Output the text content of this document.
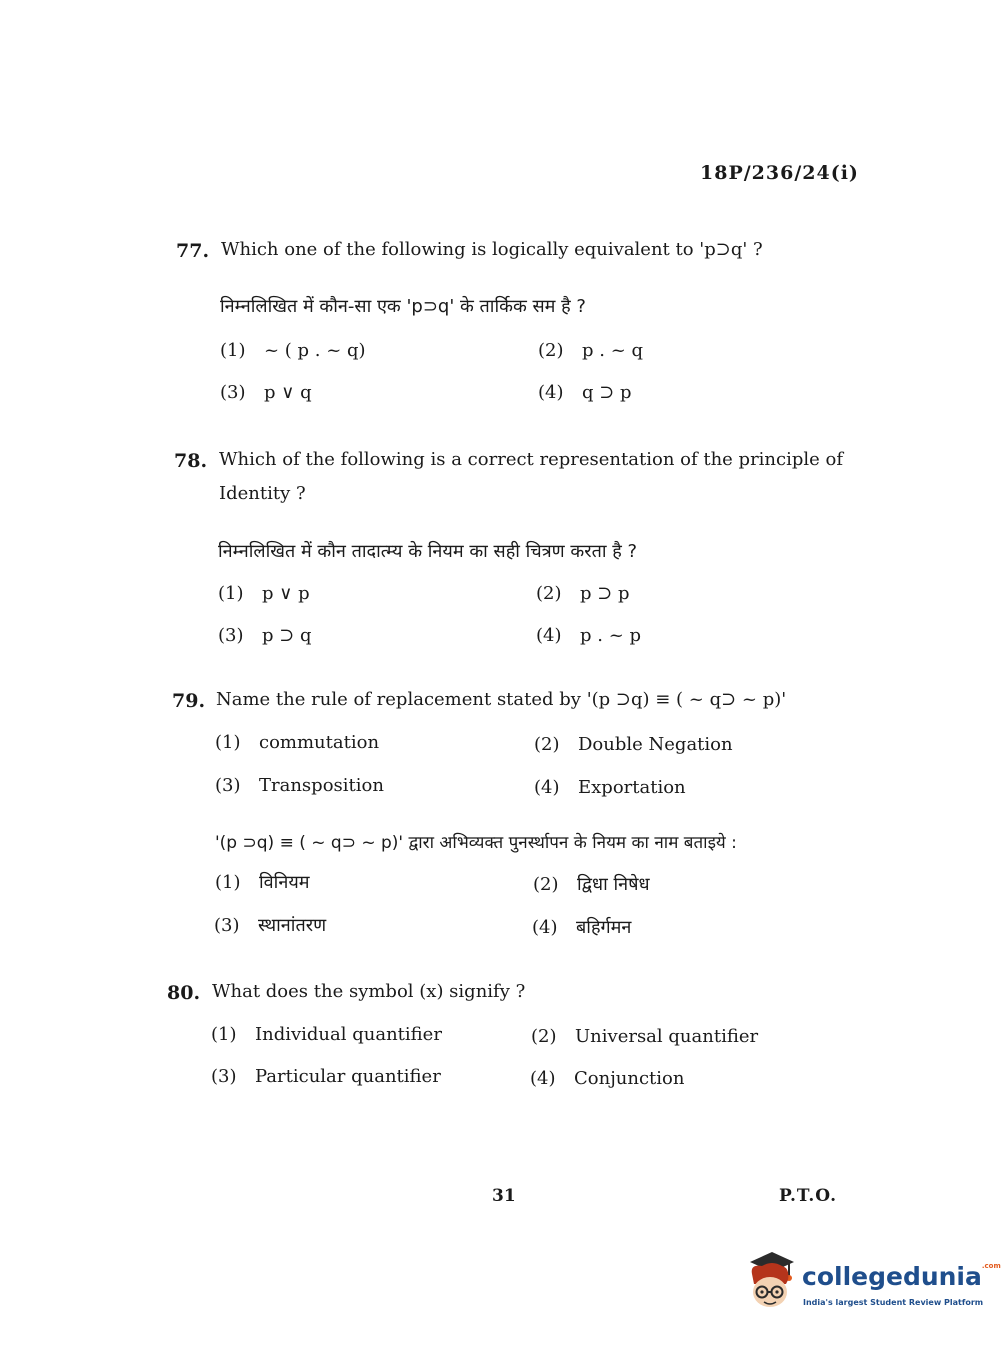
18P/236/24(i)
77. Which one of the following is logically equivalent to 'p⊃q' ?
निम्नलिखित में कौन-सा एक 'p⊃q' के तार्किक सम है ?
(1) ~ ( p . ~ q)	(2) p . ~ q
(3) p ∨ q	(4) q ⊃ p
78. Which of the following is a correct representation of the principle of Identity ?
निम्नलिखित में कौन तादात्म्य के नियम का सही चित्रण करता है ?
(1) p ∨ p	(2) p ⊃ p
(3) p ⊃ q	(4) p . ~ p
79. Name the rule of replacement stated by '(p ⊃q) ≡ ( ~ q⊃ ~ p)'
(1) commutation	(2) Double Negation
(3) Transposition	(4) Exportation
'(p ⊃q) ≡ ( ~ q⊃ ~ p)' द्वारा अभिव्यक्त पुनर्स्थापन के नियम का नाम बताइये :
(1) विनियम	(2) द्विधा निषेध
(3) स्थानांतरण	(4) बहिर्गमन
80. What does the symbol (x) signify ?
(1) Individual quantifier	(2) Universal quantifier
(3) Particular quantifier	(4) Conjunction
31	P.T.O.
collegedunia$^{.com}$
India's largest Student Review Platform
